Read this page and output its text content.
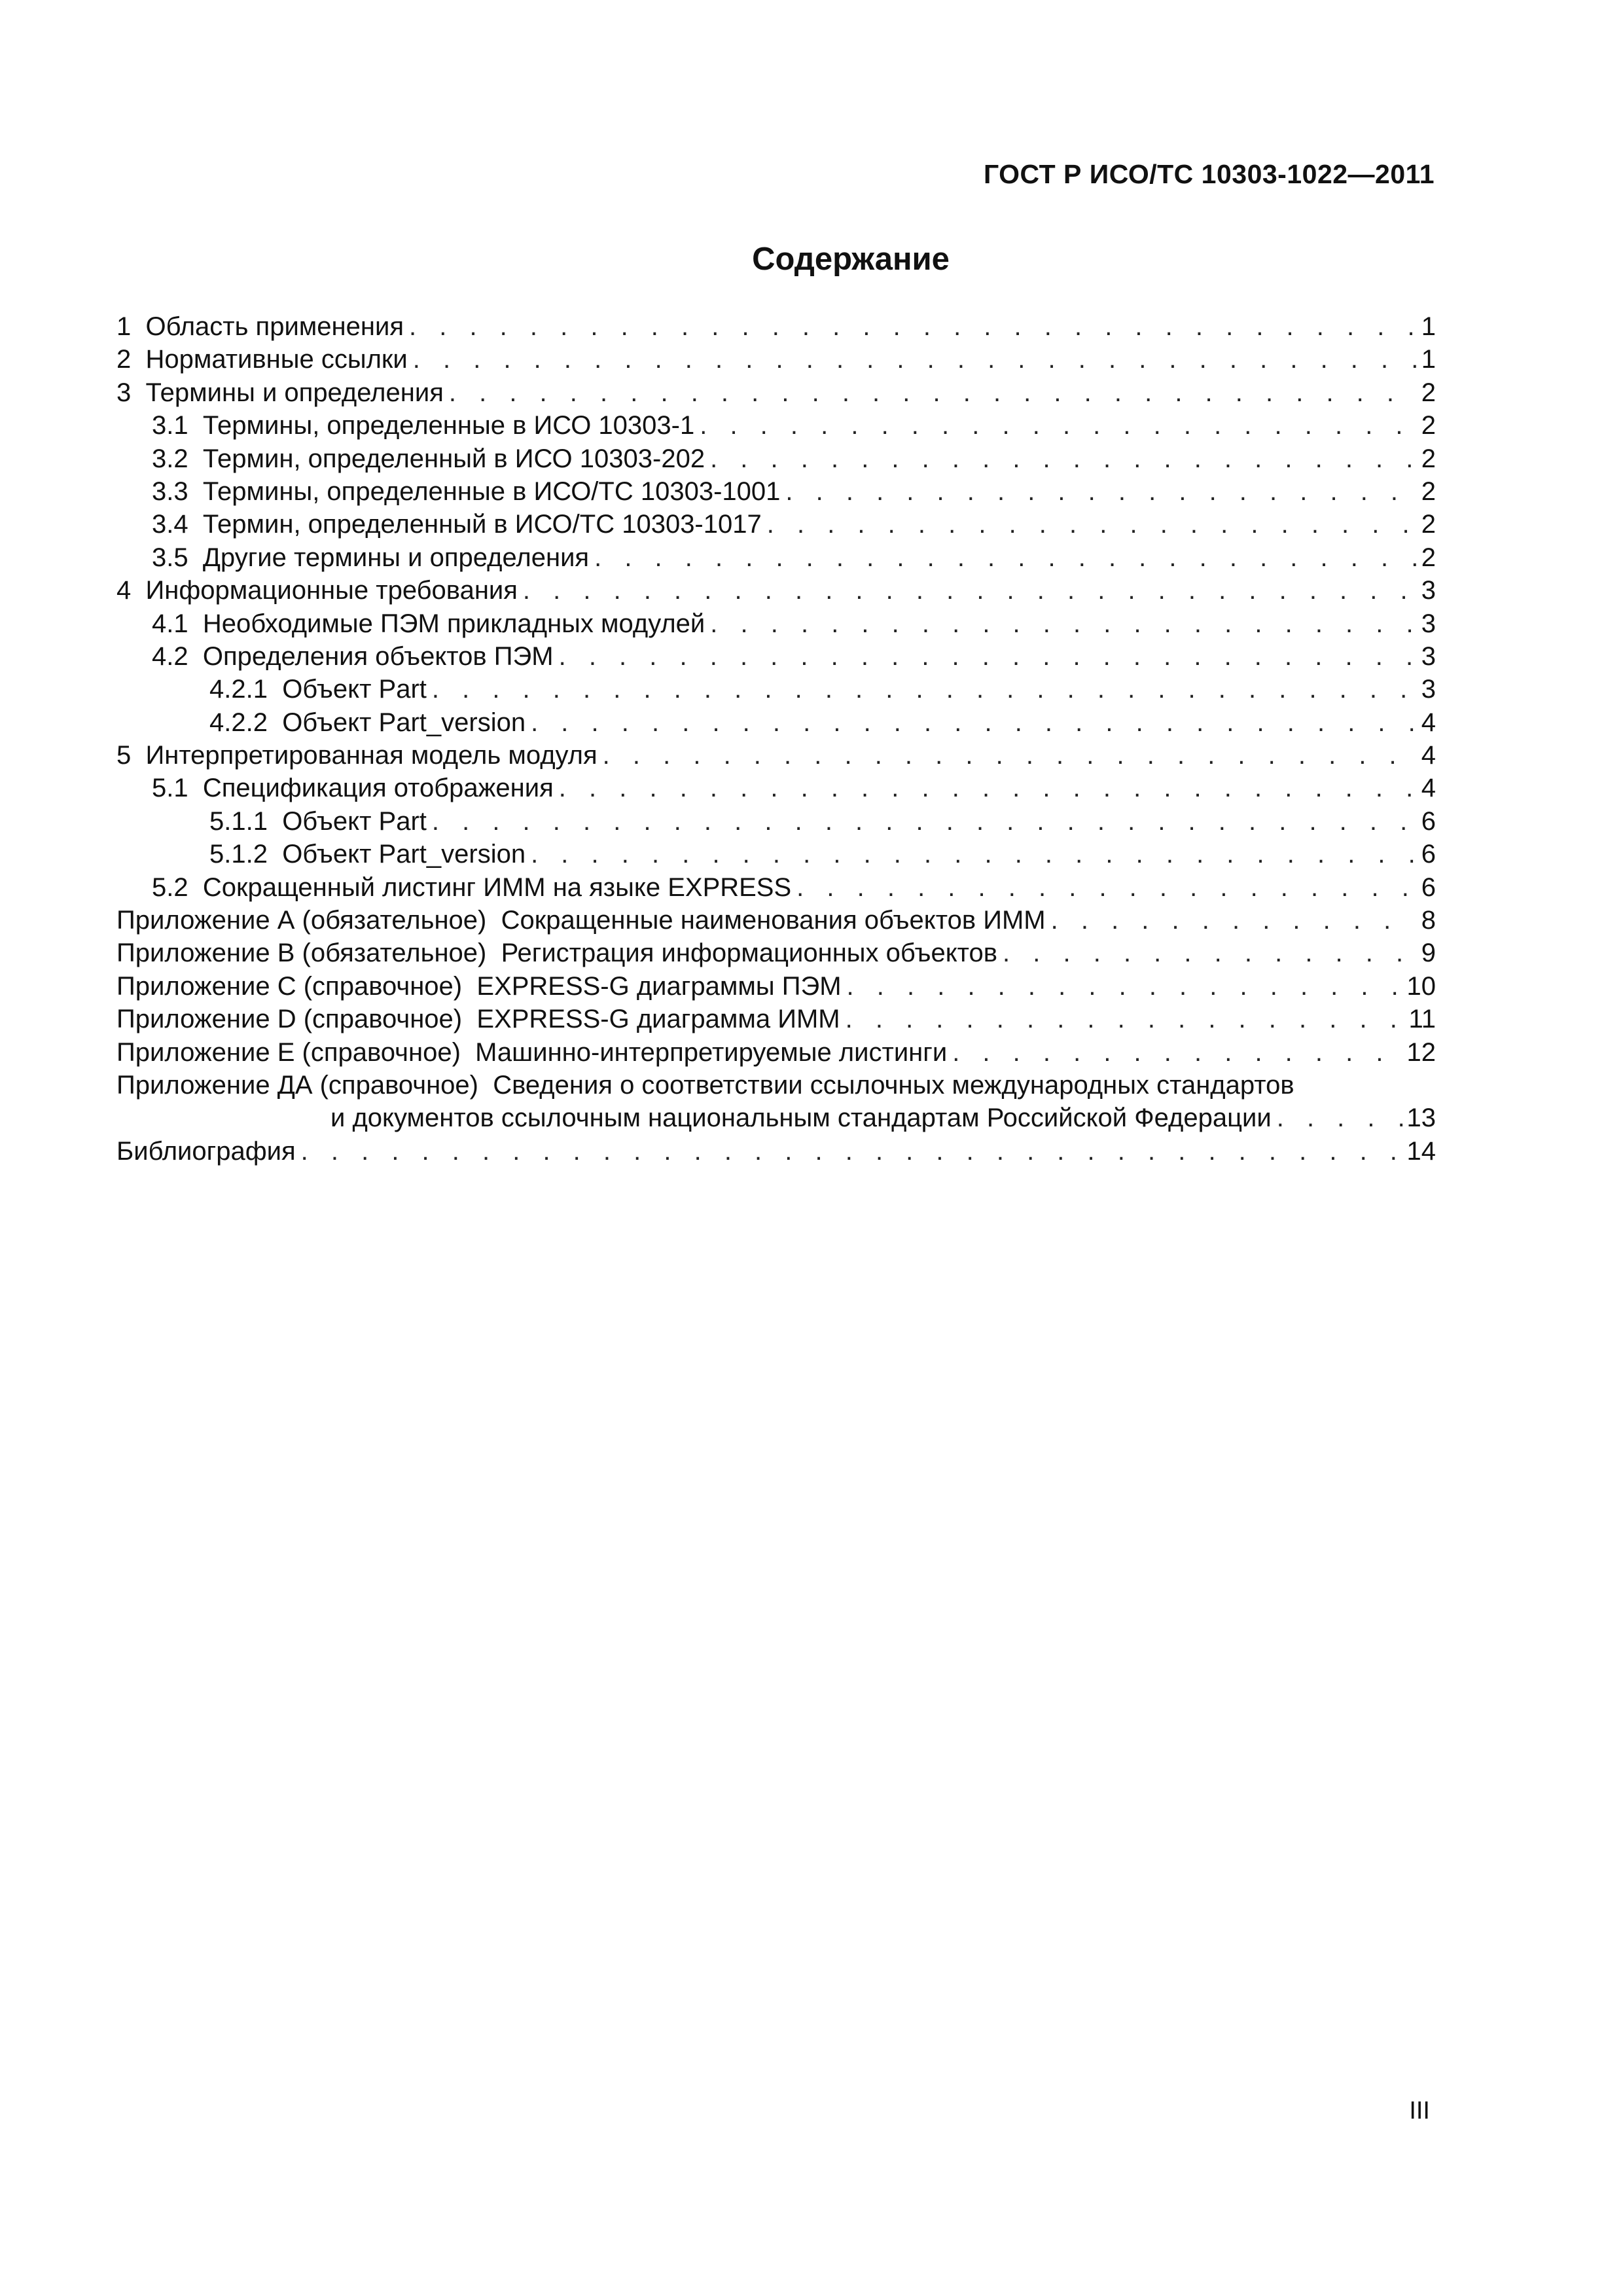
ГОСТ Р ИСО/ТС 10303-1022—2011
Содержание
1  Область применения . . .	1
2  Нормативные ссылки . . .	1
3  Термины и определения . . .	2
3.1  Термины, определенные в ИСО 10303-1 . . .	2
3.2  Термин, определенный в ИСО 10303-202 . . .	2
3.3  Термины, определенные в ИСО/ТС 10303-1001 . . .	2
3.4  Термин, определенный в ИСО/ТС 10303-1017 . . .	2
3.5  Другие термины и определения . . .	2
4  Информационные требования . . .	3
4.1  Необходимые ПЭМ прикладных модулей . . .	3
4.2  Определения объектов ПЭМ . . .	3
4.2.1  Объект Part . . .	3
4.2.2  Объект Part_version . . .	4
5  Интерпретированная модель модуля . . .	4
5.1  Спецификация отображения . . .	4
5.1.1  Объект Part . . .	6
5.1.2  Объект Part_version . . .	6
5.2  Сокращенный листинг ИММ на языке EXPRESS . . .	6
Приложение А (обязательное)  Сокращенные наименования объектов ИММ . . .	8
Приложение В (обязательное)  Регистрация информационных объектов . . .	9
Приложение С (справочное)  EXPRESS-G диаграммы ПЭМ . . .	10
Приложение D (справочное)  EXPRESS-G диаграмма ИММ . . .	11
Приложение Е (справочное)  Машинно-интерпретируемые листинги . . .	12
Приложение ДА (справочное)  Сведения о соответствии ссылочных международных стандартов
и документов ссылочным национальным стандартам Российской Федерации . . .	13
Библиография . . .	14
III
